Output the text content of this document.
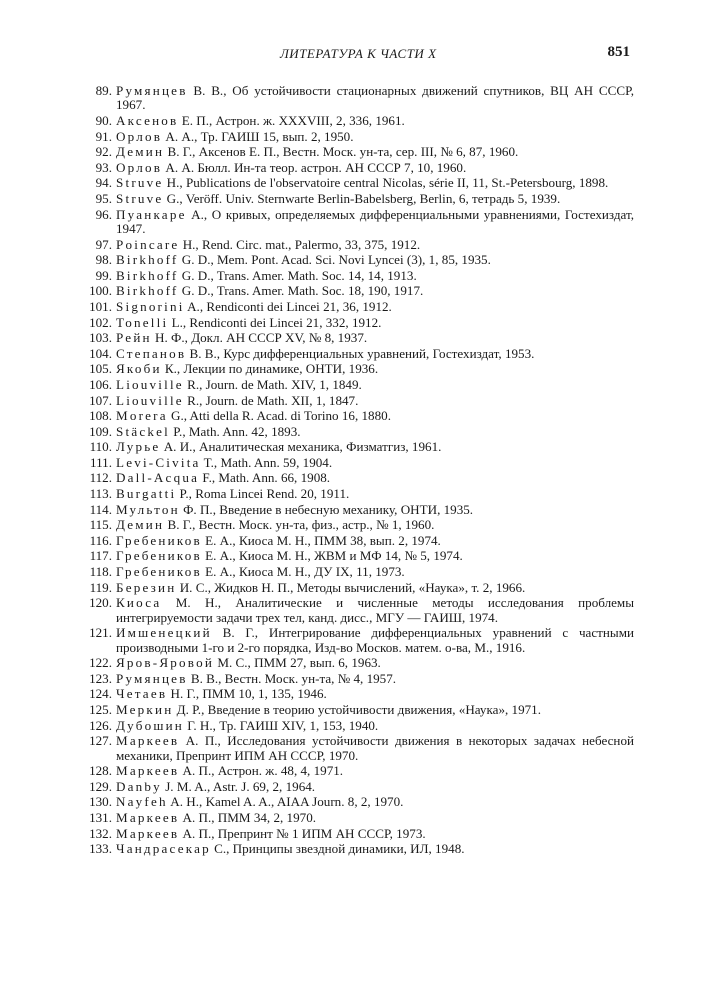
ЛИТЕРАТУРА К ЧАСТИ X	851
89. Румянцев В. В., Об устойчивости стационарных движений спутников, ВЦ АН СССР, 1967.
90. Аксенов Е. П., Астрон. ж. XXXVIII, 2, 336, 1961.
91. Орлов А. А., Тр. ГАИШ 15, вып. 2, 1950.
92. Демин В. Г., Аксенов Е. П., Вестн. Моск. ун-та, сер. III, № 6, 87, 1960.
93. Орлов А. А. Бюлл. Ин-та теор. астрон. АН СССР 7, 10, 1960.
94. Struve H., Publications de l'observatoire central Nicolas, série II, 11, St.-Petersbourg, 1898.
95. Struve G., Veröff. Univ. Sternwarte Berlin-Babelsberg, Berlin, 6, тетрадь 5, 1939.
96. Пуанкаре А., О кривых, определяемых дифференциальными уравнениями, Гостехиздат, 1947.
97. Poincare H., Rend. Circ. mat., Palermo, 33, 375, 1912.
98. Birkhoff G. D., Mem. Pont. Acad. Sci. Novi Lyncei (3), 1, 85, 1935.
99. Birkhoff G. D., Trans. Amer. Math. Soc. 14, 14, 1913.
100. Birkhoff G. D., Trans. Amer. Math. Soc. 18, 190, 1917.
101. Signorini A., Rendiconti dei Lincei 21, 36, 1912.
102. Tonelli L., Rendiconti dei Lincei 21, 332, 1912.
103. Рейн Н. Ф., Докл. АН СССР XV, № 8, 1937.
104. Степанов В. В., Курс дифференциальных уравнений, Гостехиздат, 1953.
105. Якоби К., Лекции по динамике, ОНТИ, 1936.
106. Liouville R., Journ. de Math. XIV, 1, 1849.
107. Liouville R., Journ. de Math. XII, 1, 1847.
108. Morera G., Atti della R. Acad. di Torino 16, 1880.
109. Stäckel P., Math. Ann. 42, 1893.
110. Лурье А. И., Аналитическая механика, Физматгиз, 1961.
111. Levi-Civita T., Math. Ann. 59, 1904.
112. Dall-Acqua F., Math. Ann. 66, 1908.
113. Burgatti P., Roma Lincei Rend. 20, 1911.
114. Мультон Ф. П., Введение в небесную механику, ОНТИ, 1935.
115. Демин В. Г., Вестн. Моск. ун-та, физ., астр., № 1, 1960.
116. Гребеников Е. А., Киоса М. Н., ПММ 38, вып. 2, 1974.
117. Гребеников Е. А., Киоса М. Н., ЖВМ и МФ 14, № 5, 1974.
118. Гребеников Е. А., Киоса М. Н., ДУ IX, 11, 1973.
119. Березин И. С., Жидков Н. П., Методы вычислений, «Наука», т. 2, 1966.
120. Киоса М. Н., Аналитические и численные методы исследования проблемы интегрируемости задачи трех тел, канд. дисс., МГУ — ГАИШ, 1974.
121. Имшенецкий В. Г., Интегрирование дифференциальных уравнений с частными производными 1-го и 2-го порядка, Изд-во Москов. матем. о-ва, М., 1916.
122. Яров-Яровой М. С., ПММ 27, вып. 6, 1963.
123. Румянцев В. В., Вестн. Моск. ун-та, № 4, 1957.
124. Четаев Н. Г., ПММ 10, 1, 135, 1946.
125. Меркин Д. Р., Введение в теорию устойчивости движения, «Наука», 1971.
126. Дубошин Г. Н., Тр. ГАИШ XIV, 1, 153, 1940.
127. Маркеев А. П., Исследования устойчивости движения в некоторых задачах небесной механики, Препринт ИПМ АН СССР, 1970.
128. Маркеев А. П., Астрон. ж. 48, 4, 1971.
129. Danby J. M. A., Astr. J. 69, 2, 1964.
130. Nayfeh A. H., Kamel A. A., AIAA Journ. 8, 2, 1970.
131. Маркеев А. П., ПММ 34, 2, 1970.
132. Маркеев А. П., Препринт № 1 ИПМ АН СССР, 1973.
133. Чандрасекар С., Принципы звездной динамики, ИЛ, 1948.
